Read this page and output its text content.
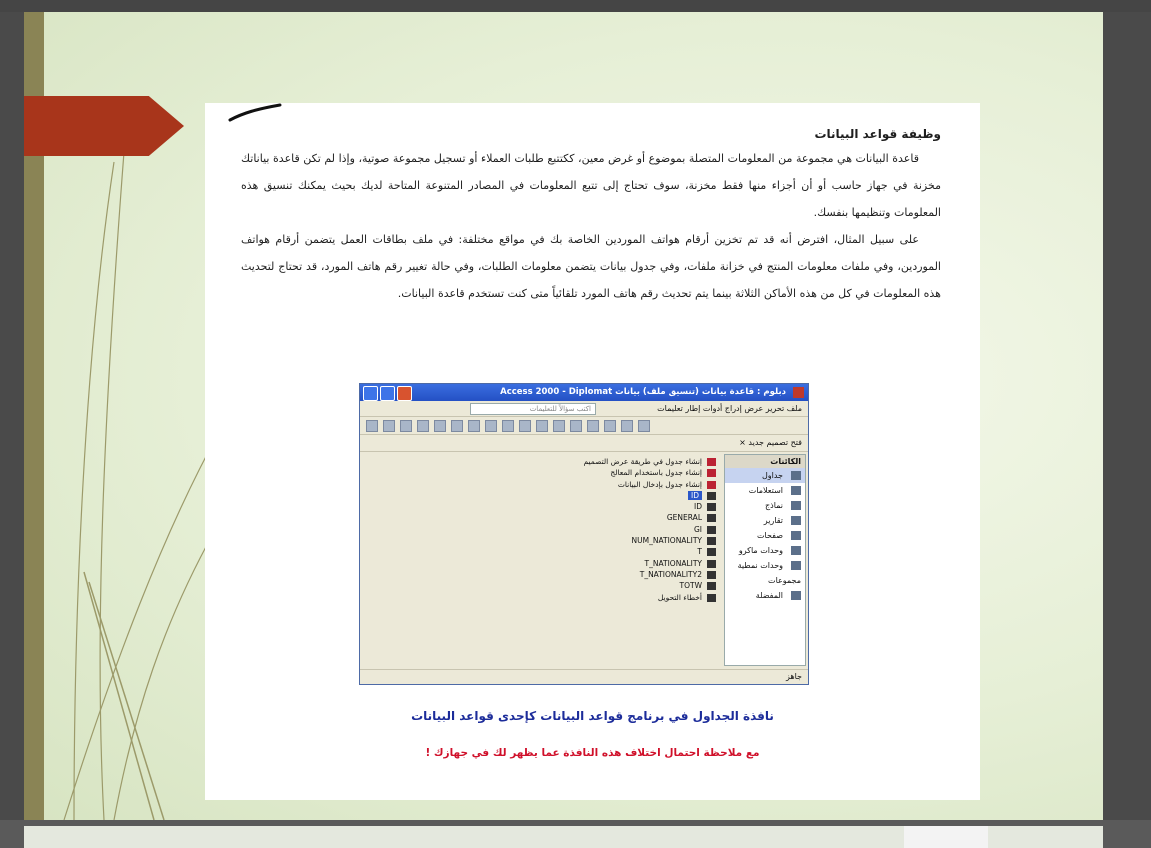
وظيفة قواعد البيانات

قاعدة البيانات هي مجموعة من المعلومات المتصلة بموضوع أو غرض معين، ككتتبع طلبات العملاء أو تسجيل مجموعة صوتية، وإذا لم تكن قاعدة بياناتك مخزنة في جهاز حاسب أو أن أجزاء منها فقط مخزنة، سوف تحتاج إلى تتبع المعلومات في المصادر المتنوعة المتاحة لديك بحيث يمكنك تنسيق هذه المعلومات وتنظيمها بنفسك.

على سبيل المثال، افترض أنه قد تم تخزين أرقام هواتف الموردين الخاصة بك في مواقع مختلفة: في ملف بطاقات العمل يتضمن أرقام هواتف الموردين، وفي ملفات معلومات المنتج في خزانة ملفات، وفي جدول بيانات يتضمن معلومات الطلبات، وفي حالة تغيير رقم هاتف المورد، قد تحتاج لتحديث هذه المعلومات في كل من هذه الأماكن الثلاثة بينما يتم تحديث رقم هاتف المورد تلقائياً متى كنت تستخدم قاعدة البيانات.

دبلوم : قاعدة بيانات (تنسيق ملف) بيانات Access 2000 - Diplomat
ملف تحرير عرض إدراج أدوات إطار تعليمات
اكتب سؤالاً للتعليمات
فتح تصميم جديد ×
الكائنات
جداول
استعلامات
نماذج
تقارير
صفحات
وحدات ماكرو
وحدات نمطية
مجموعات
المفضلة
إنشاء جدول في طريقة عرض التصميم
إنشاء جدول باستخدام المعالج
إنشاء جدول بإدخال البيانات
ID
ID
GENERAL
GI
NUM_NATIONALITY
T
T_NATIONALITY
T_NATIONALITY2
TOTW
أخطاء التحويل
جاهز
نافذة الجداول في برنامج قواعد البيانات كإحدى قواعد البيانات
مع ملاحظة احتمال اختلاف هذه النافذة عما يظهر لك في جهازك !
